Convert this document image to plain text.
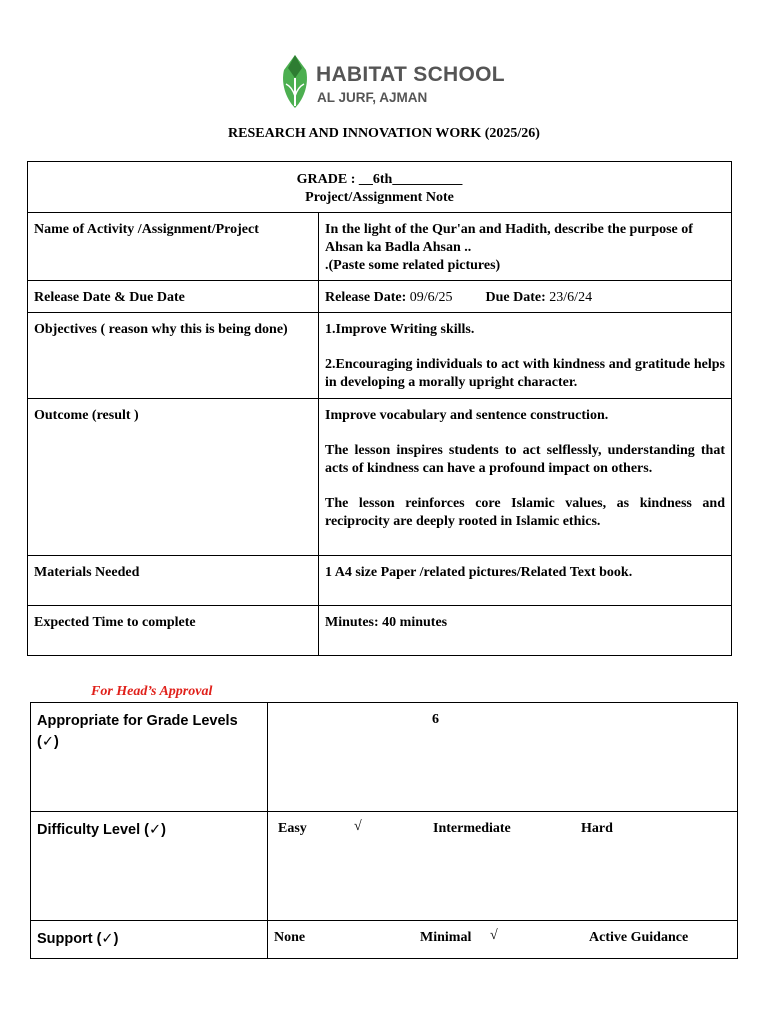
HABITAT SCHOOL
AL JURF, AJMAN
RESEARCH AND INNOVATION WORK (2025/26)
GRADE : __6th__________
Project/Assignment Note	

Name of Activity /Assignment/Project	In the light of the Qur'an and Hadith, describe the purpose of
Ahsan ka Badla Ahsan ..
.(Paste some related pictures)

Release Date & Due Date	Release Date: 09/6/25 Due Date: 23/6/24
Objectives ( reason why this is being done)	1.Improve Writing skills.

2.Encouraging individuals to act with kindness and gratitude helps in developing a morally upright character.

Outcome (result )	Improve vocabulary and sentence construction.

The lesson inspires students to act selflessly, understanding that acts of kindness can have a profound impact on others.

The lesson reinforces core Islamic values, as kindness and reciprocity are deeply rooted in Islamic ethics.

Materials Needed	1 A4 size Paper /related pictures/Related Text book.
Expected Time to complete	Minutes: 40 minutes
For Head’s Approval
Appropriate for Grade Levels (✓)	6

Difficulty Level (✓)	Easy √ Intermediate Hard

Support (✓)	None Minimal √ Active Guidance
